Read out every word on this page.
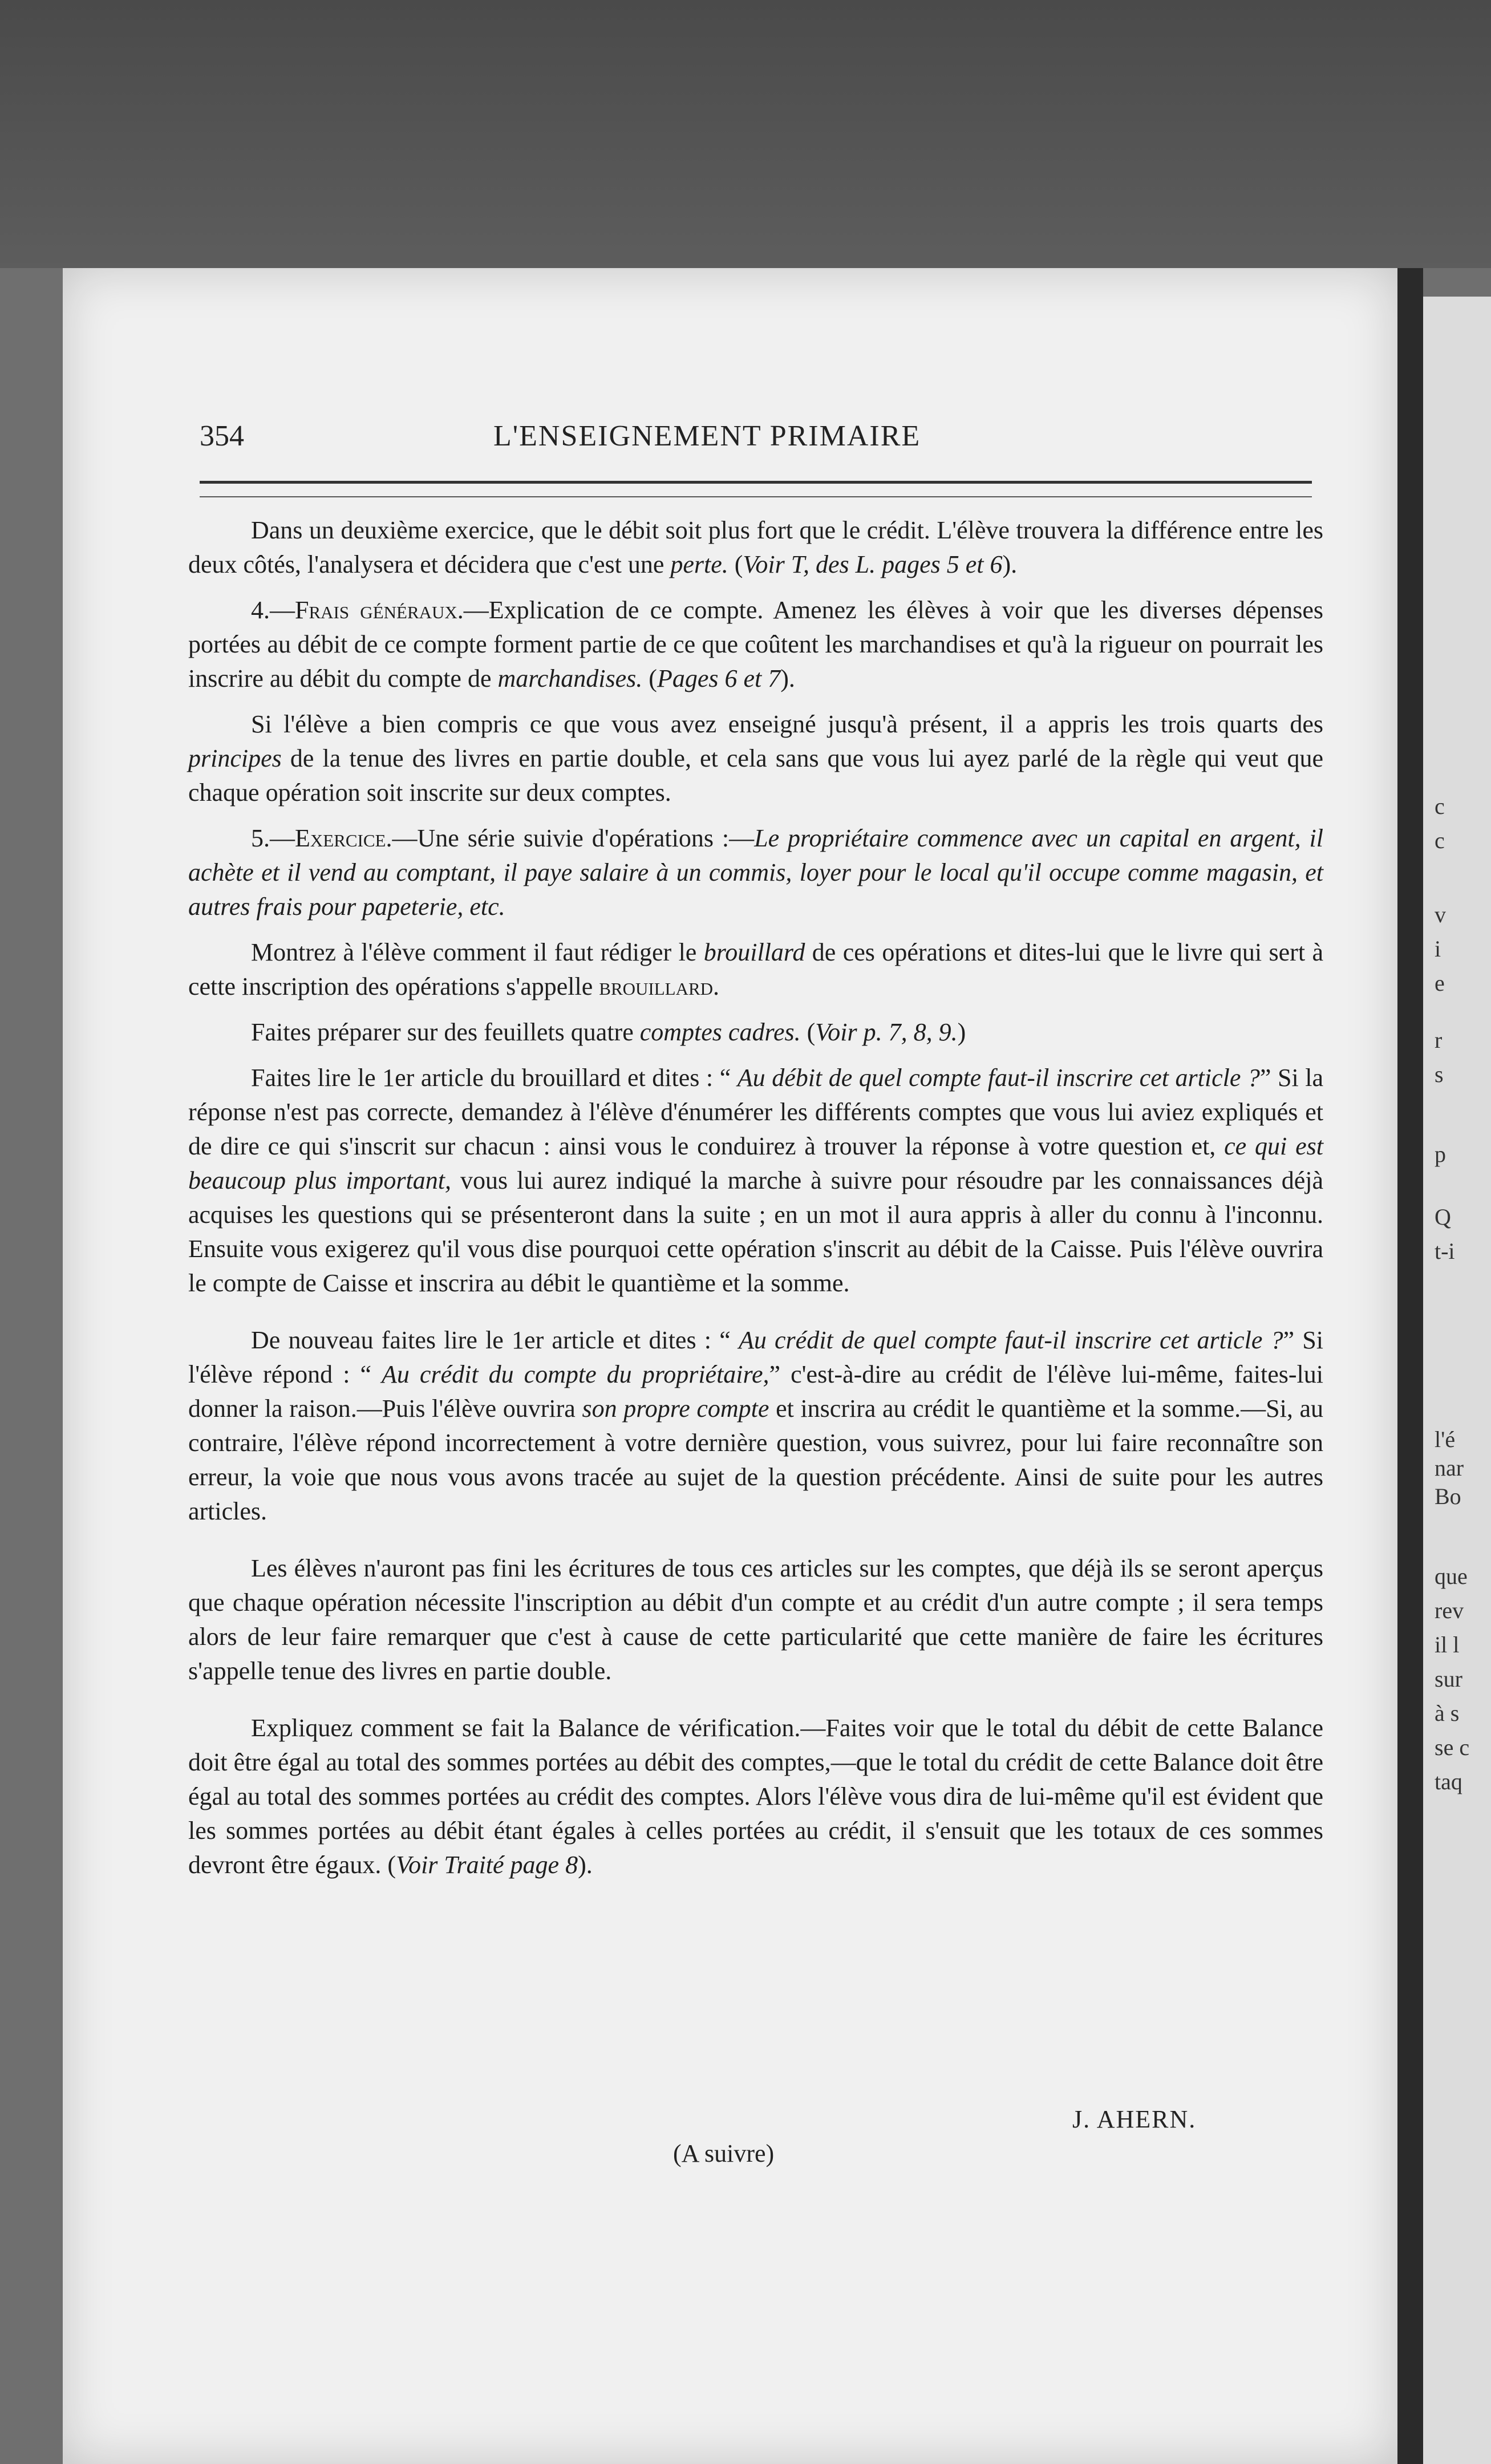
354	L'ENSEIGNEMENT PRIMAIRE

Dans un deuxième exercice, que le débit soit plus fort que le crédit. L'élève trouvera la différence entre les deux côtés, l'analysera et décidera que c'est une perte. (Voir T, des L. pages 5 et 6).

4.—Frais généraux.—Explication de ce compte. Amenez les élèves à voir que les diverses dépenses portées au débit de ce compte forment partie de ce que coûtent les marchandises et qu'à la rigueur on pourrait les inscrire au débit du compte de marchandises. (Pages 6 et 7).

Si l'élève a bien compris ce que vous avez enseigné jusqu'à présent, il a appris les trois quarts des principes de la tenue des livres en partie double, et cela sans que vous lui ayez parlé de la règle qui veut que chaque opération soit inscrite sur deux comptes.

5.—Exercice.—Une série suivie d'opérations :—Le propriétaire commence avec un capital en argent, il achète et il vend au comptant, il paye salaire à un commis, loyer pour le local qu'il occupe comme magasin, et autres frais pour papeterie, etc.

Montrez à l'élève comment il faut rédiger le brouillard de ces opérations et dites-lui que le livre qui sert à cette inscription des opérations s'appelle brouillard.

Faites préparer sur des feuillets quatre comptes cadres. (Voir p. 7, 8, 9.)

Faites lire le 1er article du brouillard et dites : “ Au débit de quel compte faut-il inscrire cet article ?” Si la réponse n'est pas correcte, demandez à l'élève d'énumérer les différents comptes que vous lui aviez expliqués et de dire ce qui s'inscrit sur chacun : ainsi vous le conduirez à trouver la réponse à votre question et, ce qui est beaucoup plus important, vous lui aurez indiqué la marche à suivre pour résoudre par les connaissances déjà acquises les questions qui se présenteront dans la suite ; en un mot il aura appris à aller du connu à l'inconnu. Ensuite vous exigerez qu'il vous dise pourquoi cette opération s'inscrit au débit de la Caisse. Puis l'élève ouvrira le compte de Caisse et inscrira au débit le quantième et la somme.

De nouveau faites lire le 1er article et dites : “ Au crédit de quel compte faut-il inscrire cet article ?” Si l'élève répond : “ Au crédit du compte du propriétaire,” c'est-à-dire au crédit de l'élève lui-même, faites-lui donner la raison.—Puis l'élève ouvrira son propre compte et inscrira au crédit le quantième et la somme.—Si, au contraire, l'élève répond incorrectement à votre dernière question, vous suivrez, pour lui faire reconnaître son erreur, la voie que nous vous avons tracée au sujet de la question précédente. Ainsi de suite pour les autres articles.

Les élèves n'auront pas fini les écritures de tous ces articles sur les comptes, que déjà ils se seront aperçus que chaque opération nécessite l'inscription au débit d'un compte et au crédit d'un autre compte ; il sera temps alors de leur faire remarquer que c'est à cause de cette particularité que cette manière de faire les écritures s'appelle tenue des livres en partie double.

Expliquez comment se fait la Balance de vérification.—Faites voir que le total du débit de cette Balance doit être égal au total des sommes portées au débit des comptes,—que le total du crédit de cette Balance doit être égal au total des sommes portées au crédit des comptes. Alors l'élève vous dira de lui-même qu'il est évident que les sommes portées au débit étant égales à celles portées au crédit, il s'ensuit que les totaux de ces sommes devront être égaux. (Voir Traité page 8).

J. AHERN.
(A suivre)
c
c
v
i
e
r
s
p
Q
t-i
l'é
nar
Bo
que
rev
il l
sur
à s
se c
taq
